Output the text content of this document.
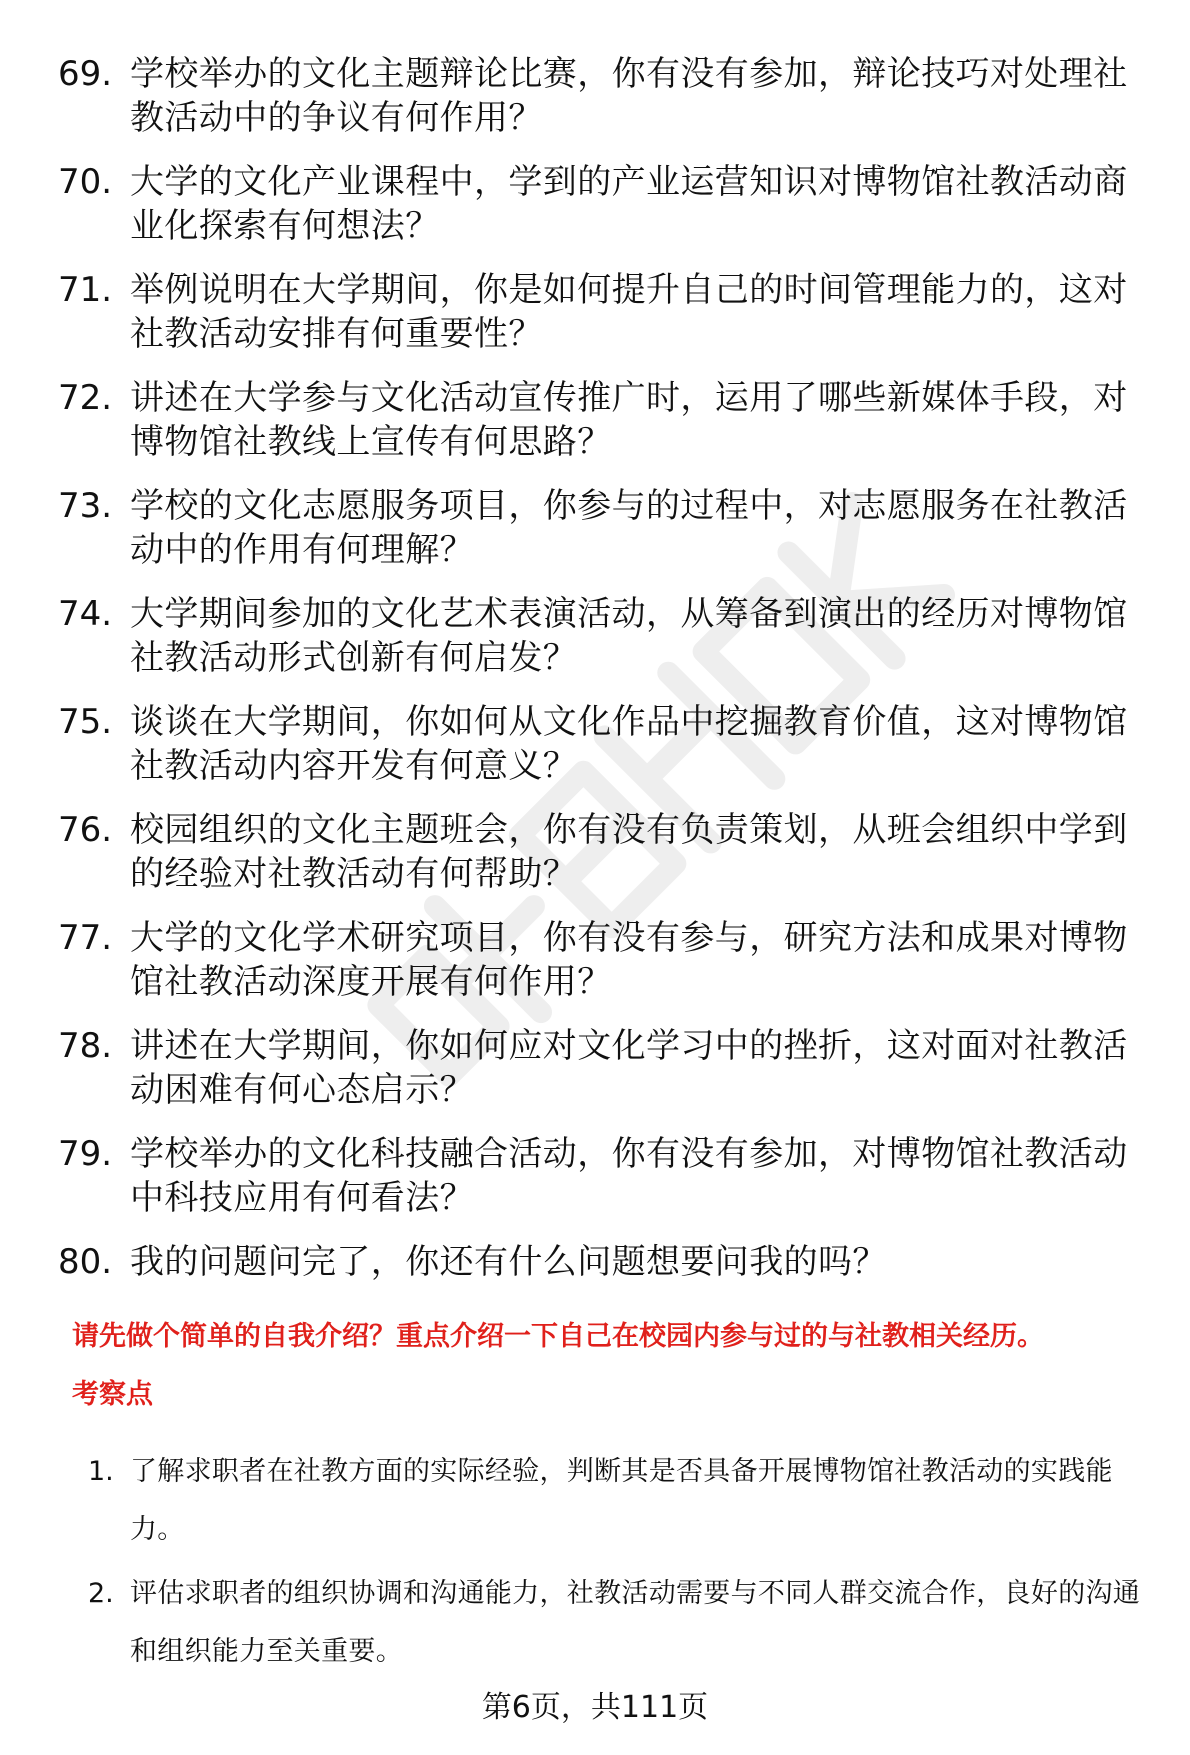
69. 学校举办的文化主题辩论比赛，你有没有参加，辩论技巧对处理社教活动中的争议有何作用？
70. 大学的文化产业课程中，学到的产业运营知识对博物馆社教活动商业化探索有何想法？
71. 举例说明在大学期间，你是如何提升自己的时间管理能力的，这对社教活动安排有何重要性？
72. 讲述在大学参与文化活动宣传推广时，运用了哪些新媒体手段，对博物馆社教线上宣传有何思路？
73. 学校的文化志愿服务项目，你参与的过程中，对志愿服务在社教活动中的作用有何理解？
74. 大学期间参加的文化艺术表演活动，从筹备到演出的经历对博物馆社教活动形式创新有何启发？
75. 谈谈在大学期间，你如何从文化作品中挖掘教育价值，这对博物馆社教活动内容开发有何意义？
76. 校园组织的文化主题班会，你有没有负责策划，从班会组织中学到的经验对社教活动有何帮助？
77. 大学的文化学术研究项目，你有没有参与，研究方法和成果对博物馆社教活动深度开展有何作用？
78. 讲述在大学期间，你如何应对文化学习中的挫折，这对面对社教活动困难有何心态启示？
79. 学校举办的文化科技融合活动，你有没有参加，对博物馆社教活动中科技应用有何看法？
80. 我的问题问完了，你还有什么问题想要问我的吗？
请先做个简单的自我介绍？重点介绍一下自己在校园内参与过的与社教相关经历。
考察点
1. 了解求职者在社教方面的实际经验，判断其是否具备开展博物馆社教活动的实践能力。
2. 评估求职者的组织协调和沟通能力，社教活动需要与不同人群交流合作，良好的沟通和组织能力至关重要。
第6页，共111页
